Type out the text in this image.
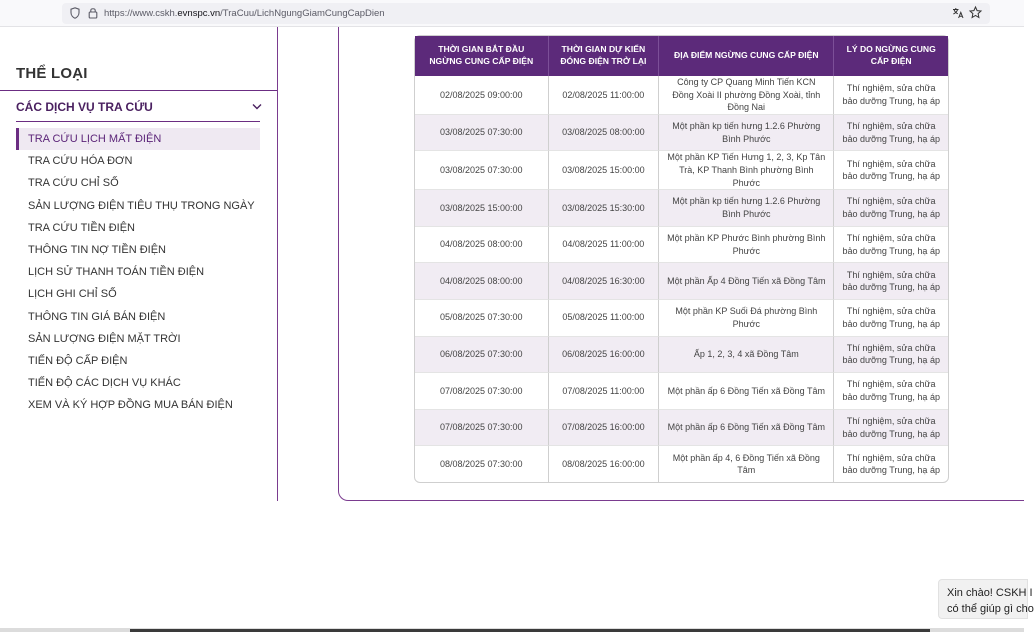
https://www.cskh.evnspc.vn/TraCuu/LichNgungGiamCungCapDien
THỂ LOẠI
CÁC DỊCH VỤ TRA CỨU
TRA CỨU LỊCH MẤT ĐIỆN
TRA CỨU HÓA ĐƠN
TRA CỨU CHỈ SỐ
SẢN LƯỢNG ĐIỆN TIÊU THỤ TRONG NGÀY
TRA CỨU TIỀN ĐIỆN
THÔNG TIN NỢ TIỀN ĐIỆN
LỊCH SỬ THANH TOÁN TIỀN ĐIỆN
LỊCH GHI CHỈ SỐ
THÔNG TIN GIÁ BÁN ĐIỆN
SẢN LƯỢNG ĐIỆN MẶT TRỜI
TIẾN ĐỘ CẤP ĐIỆN
TIẾN ĐỘ CÁC DỊCH VỤ KHÁC
XEM VÀ KÝ HỢP ĐỒNG MUA BÁN ĐIỆN
THỜI GIAN BẮT ĐẦU NGỪNG CUNG CẤP ĐIỆN	THỜI GIAN DỰ KIẾN ĐÓNG ĐIỆN TRỞ LẠI	ĐỊA ĐIỂM NGỪNG CUNG CẤP ĐIỆN	LÝ DO NGỪNG CUNG CẤP ĐIỆN
02/08/2025 09:00:00	02/08/2025 11:00:00	Công ty CP Quang Minh Tiến KCN Đồng Xoài II phường Đồng Xoài, tỉnh Đồng Nai	Thí nghiệm, sửa chữa bảo dưỡng Trung, hạ áp
03/08/2025 07:30:00	03/08/2025 08:00:00	Một phần kp tiến hưng 1.2.6 Phường Bình Phước	Thí nghiệm, sửa chữa bảo dưỡng Trung, hạ áp
03/08/2025 07:30:00	03/08/2025 15:00:00	Một phần KP Tiến Hưng 1, 2, 3, Kp Tân Trà, KP Thanh Bình phường Bình Phước	Thí nghiệm, sửa chữa bảo dưỡng Trung, hạ áp
03/08/2025 15:00:00	03/08/2025 15:30:00	Một phần kp tiến hưng 1.2.6 Phường Bình Phước	Thí nghiệm, sửa chữa bảo dưỡng Trung, hạ áp
04/08/2025 08:00:00	04/08/2025 11:00:00	Một phần KP Phước Bình phường Bình Phước	Thí nghiệm, sửa chữa bảo dưỡng Trung, hạ áp
04/08/2025 08:00:00	04/08/2025 16:30:00	Một phần Ấp 4 Đồng Tiến xã Đồng Tâm	Thí nghiệm, sửa chữa bảo dưỡng Trung, hạ áp
05/08/2025 07:30:00	05/08/2025 11:00:00	Một phần KP Suối Đá phường Bình Phước	Thí nghiệm, sửa chữa bảo dưỡng Trung, hạ áp
06/08/2025 07:30:00	06/08/2025 16:00:00	Ấp 1, 2, 3, 4 xã Đồng Tâm	Thí nghiệm, sửa chữa bảo dưỡng Trung, hạ áp
07/08/2025 07:30:00	07/08/2025 11:00:00	Một phần ấp 6 Đồng Tiến xã Đồng Tâm	Thí nghiệm, sửa chữa bảo dưỡng Trung, hạ áp
07/08/2025 07:30:00	07/08/2025 16:00:00	Một phần ấp 6 Đồng Tiến xã Đồng Tâm	Thí nghiệm, sửa chữa bảo dưỡng Trung, hạ áp
08/08/2025 07:30:00	08/08/2025 16:00:00	Một phần ấp 4, 6 Đồng Tiến xã Đồng Tâm	Thí nghiệm, sửa chữa bảo dưỡng Trung, hạ áp
Xin chào! CSKH I
có thể giúp gì cho
